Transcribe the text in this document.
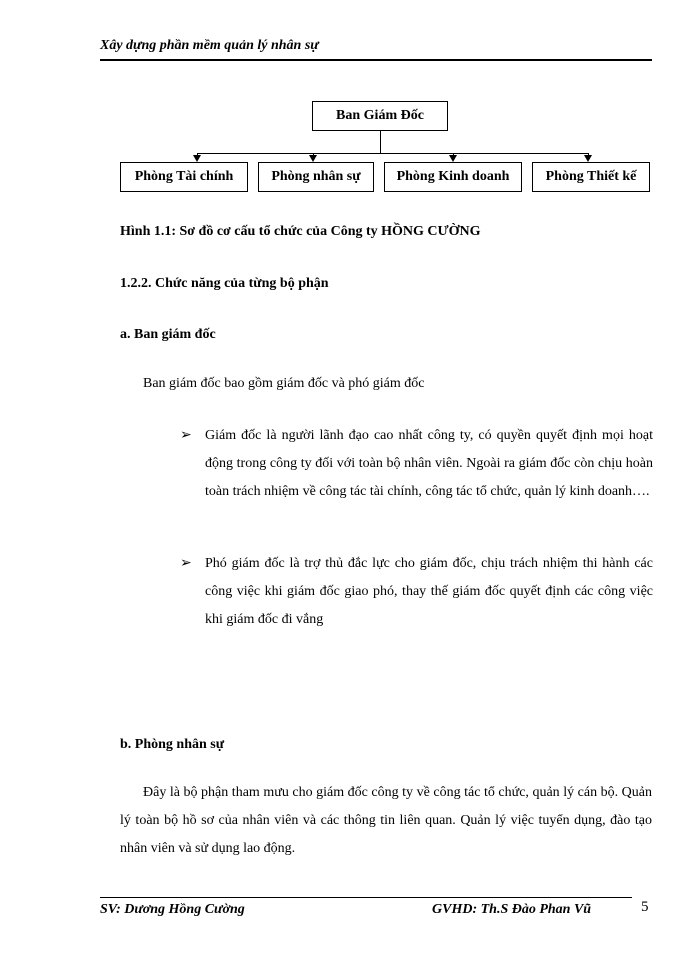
Xây dựng phần mềm quản lý nhân sự
Ban Giám Đốc
Phòng Tài chính	Phòng nhân sự	Phòng Kinh doanh	Phòng Thiết kế
Hình 1.1: Sơ đồ cơ cấu tổ chức của Công ty HỒNG CƯỜNG
1.2.2. Chức năng của từng bộ phận
a. Ban giám đốc
Ban giám đốc bao gồm giám đốc và phó giám đốc
➢ Giám đốc là người lãnh đạo cao nhất công ty, có quyền quyết định mọi hoạt động trong công ty đối với toàn bộ nhân viên. Ngoài ra giám đốc còn chịu hoàn toàn trách nhiệm về công tác tài chính, công tác tổ chức, quản lý kinh doanh….
➢ Phó giám đốc là trợ thủ đắc lực cho giám đốc, chịu trách nhiệm thi hành các công việc khi giám đốc giao phó, thay thế giám đốc quyết định các công việc khi giám đốc đi vắng
b. Phòng nhân sự
Đây là bộ phận tham mưu cho giám đốc công ty về công tác tổ chức, quản lý cán bộ. Quản lý toàn bộ hồ sơ của nhân viên và các thông tin liên quan. Quản lý việc tuyển dụng, đào tạo nhân viên và sử dụng lao động.
SV: Dương Hồng Cường	GVHD: Th.S Đào Phan Vũ	5
